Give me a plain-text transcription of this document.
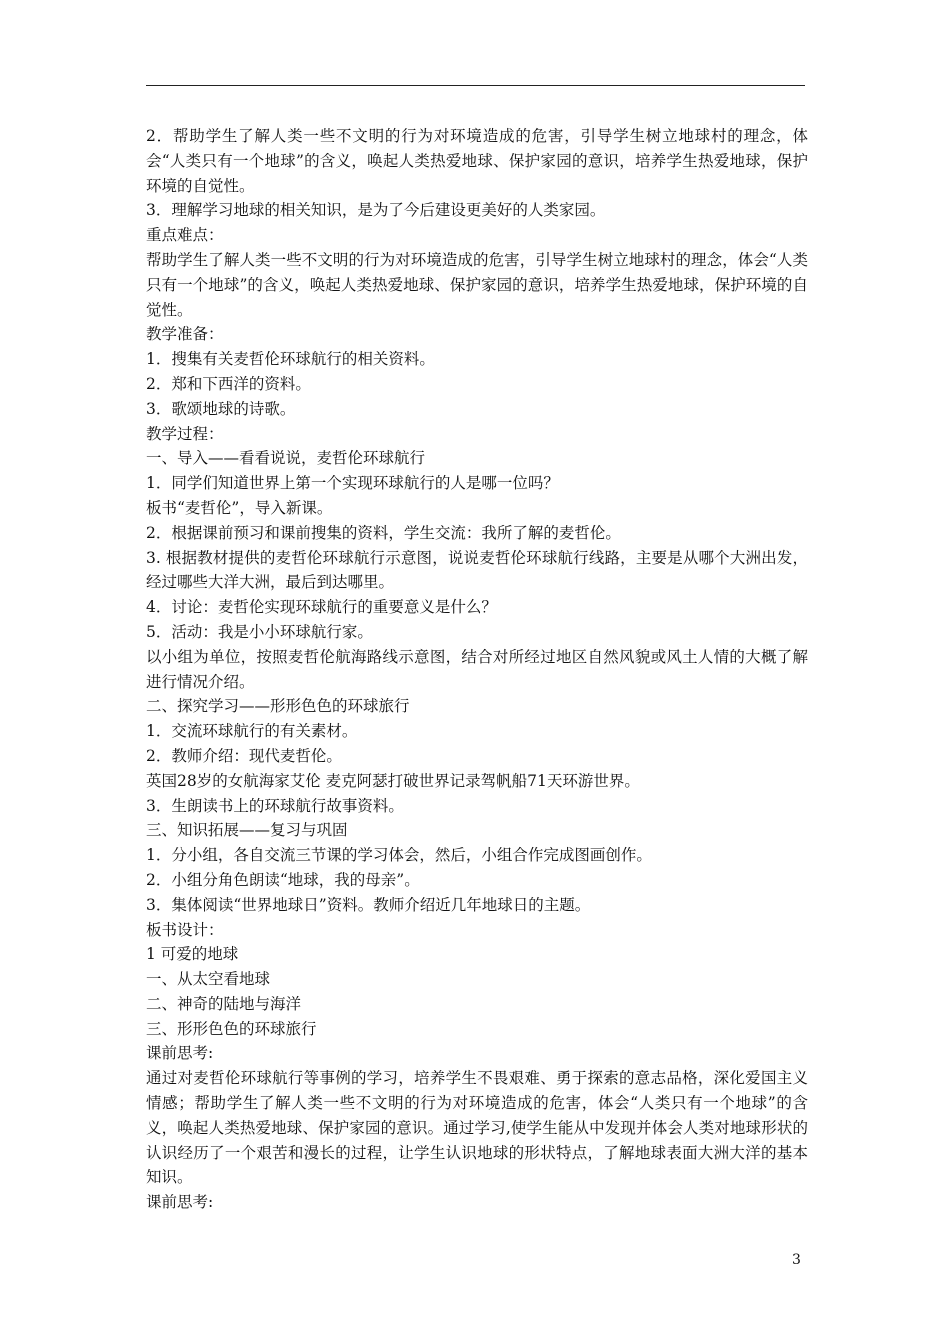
2．帮助学生了解人类一些不文明的行为对环境造成的危害，引导学生树立地球村的理念，体会“人类只有一个地球”的含义，唤起人类热爱地球、保护家园的意识，培养学生热爱地球，保护环境的自觉性。

3．理解学习地球的相关知识，是为了今后建设更美好的人类家园。

重点难点：

帮助学生了解人类一些不文明的行为对环境造成的危害，引导学生树立地球村的理念，体会“人类只有一个地球”的含义，唤起人类热爱地球、保护家园的意识，培养学生热爱地球，保护环境的自觉性。

教学准备：

1．搜集有关麦哲伦环球航行的相关资料。

2．郑和下西洋的资料。

3．歌颂地球的诗歌。

教学过程：

一、导入——看看说说，麦哲伦环球航行

1．同学们知道世界上第一个实现环球航行的人是哪一位吗？

板书“麦哲伦”，导入新课。

2．根据课前预习和课前搜集的资料，学生交流：我所了解的麦哲伦。

3. 根据教材提供的麦哲伦环球航行示意图，说说麦哲伦环球航行线路，主要是从哪个大洲出发，经过哪些大洋大洲，最后到达哪里。

4．讨论：麦哲伦实现环球航行的重要意义是什么？

5．活动：我是小小环球航行家。

以小组为单位，按照麦哲伦航海路线示意图，结合对所经过地区自然风貌或风土人情的大概了解进行情况介绍。

二、探究学习——形形色色的环球旅行

1．交流环球航行的有关素材。

2．教师介绍：现代麦哲伦。

英国28岁的女航海家艾伦 麦克阿瑟打破世界记录驾帆船71天环游世界。

3．生朗读书上的环球航行故事资料。

三、知识拓展——复习与巩固

1．分小组，各自交流三节课的学习体会，然后，小组合作完成图画创作。

2．小组分角色朗读“地球，我的母亲”。

3．集体阅读“世界地球日”资料。教师介绍近几年地球日的主题。

板书设计：

1 可爱的地球

一、从太空看地球

二、神奇的陆地与海洋

三、形形色色的环球旅行

课前思考:

通过对麦哲伦环球航行等事例的学习，培养学生不畏艰难、勇于探索的意志品格，深化爱国主义情感；帮助学生了解人类一些不文明的行为对环境造成的危害，体会“人类只有一个地球”的含义，唤起人类热爱地球、保护家园的意识。通过学习,使学生能从中发现并体会人类对地球形状的认识经历了一个艰苦和漫长的过程，让学生认识地球的形状特点，了解地球表面大洲大洋的基本知识。

课前思考:

3
